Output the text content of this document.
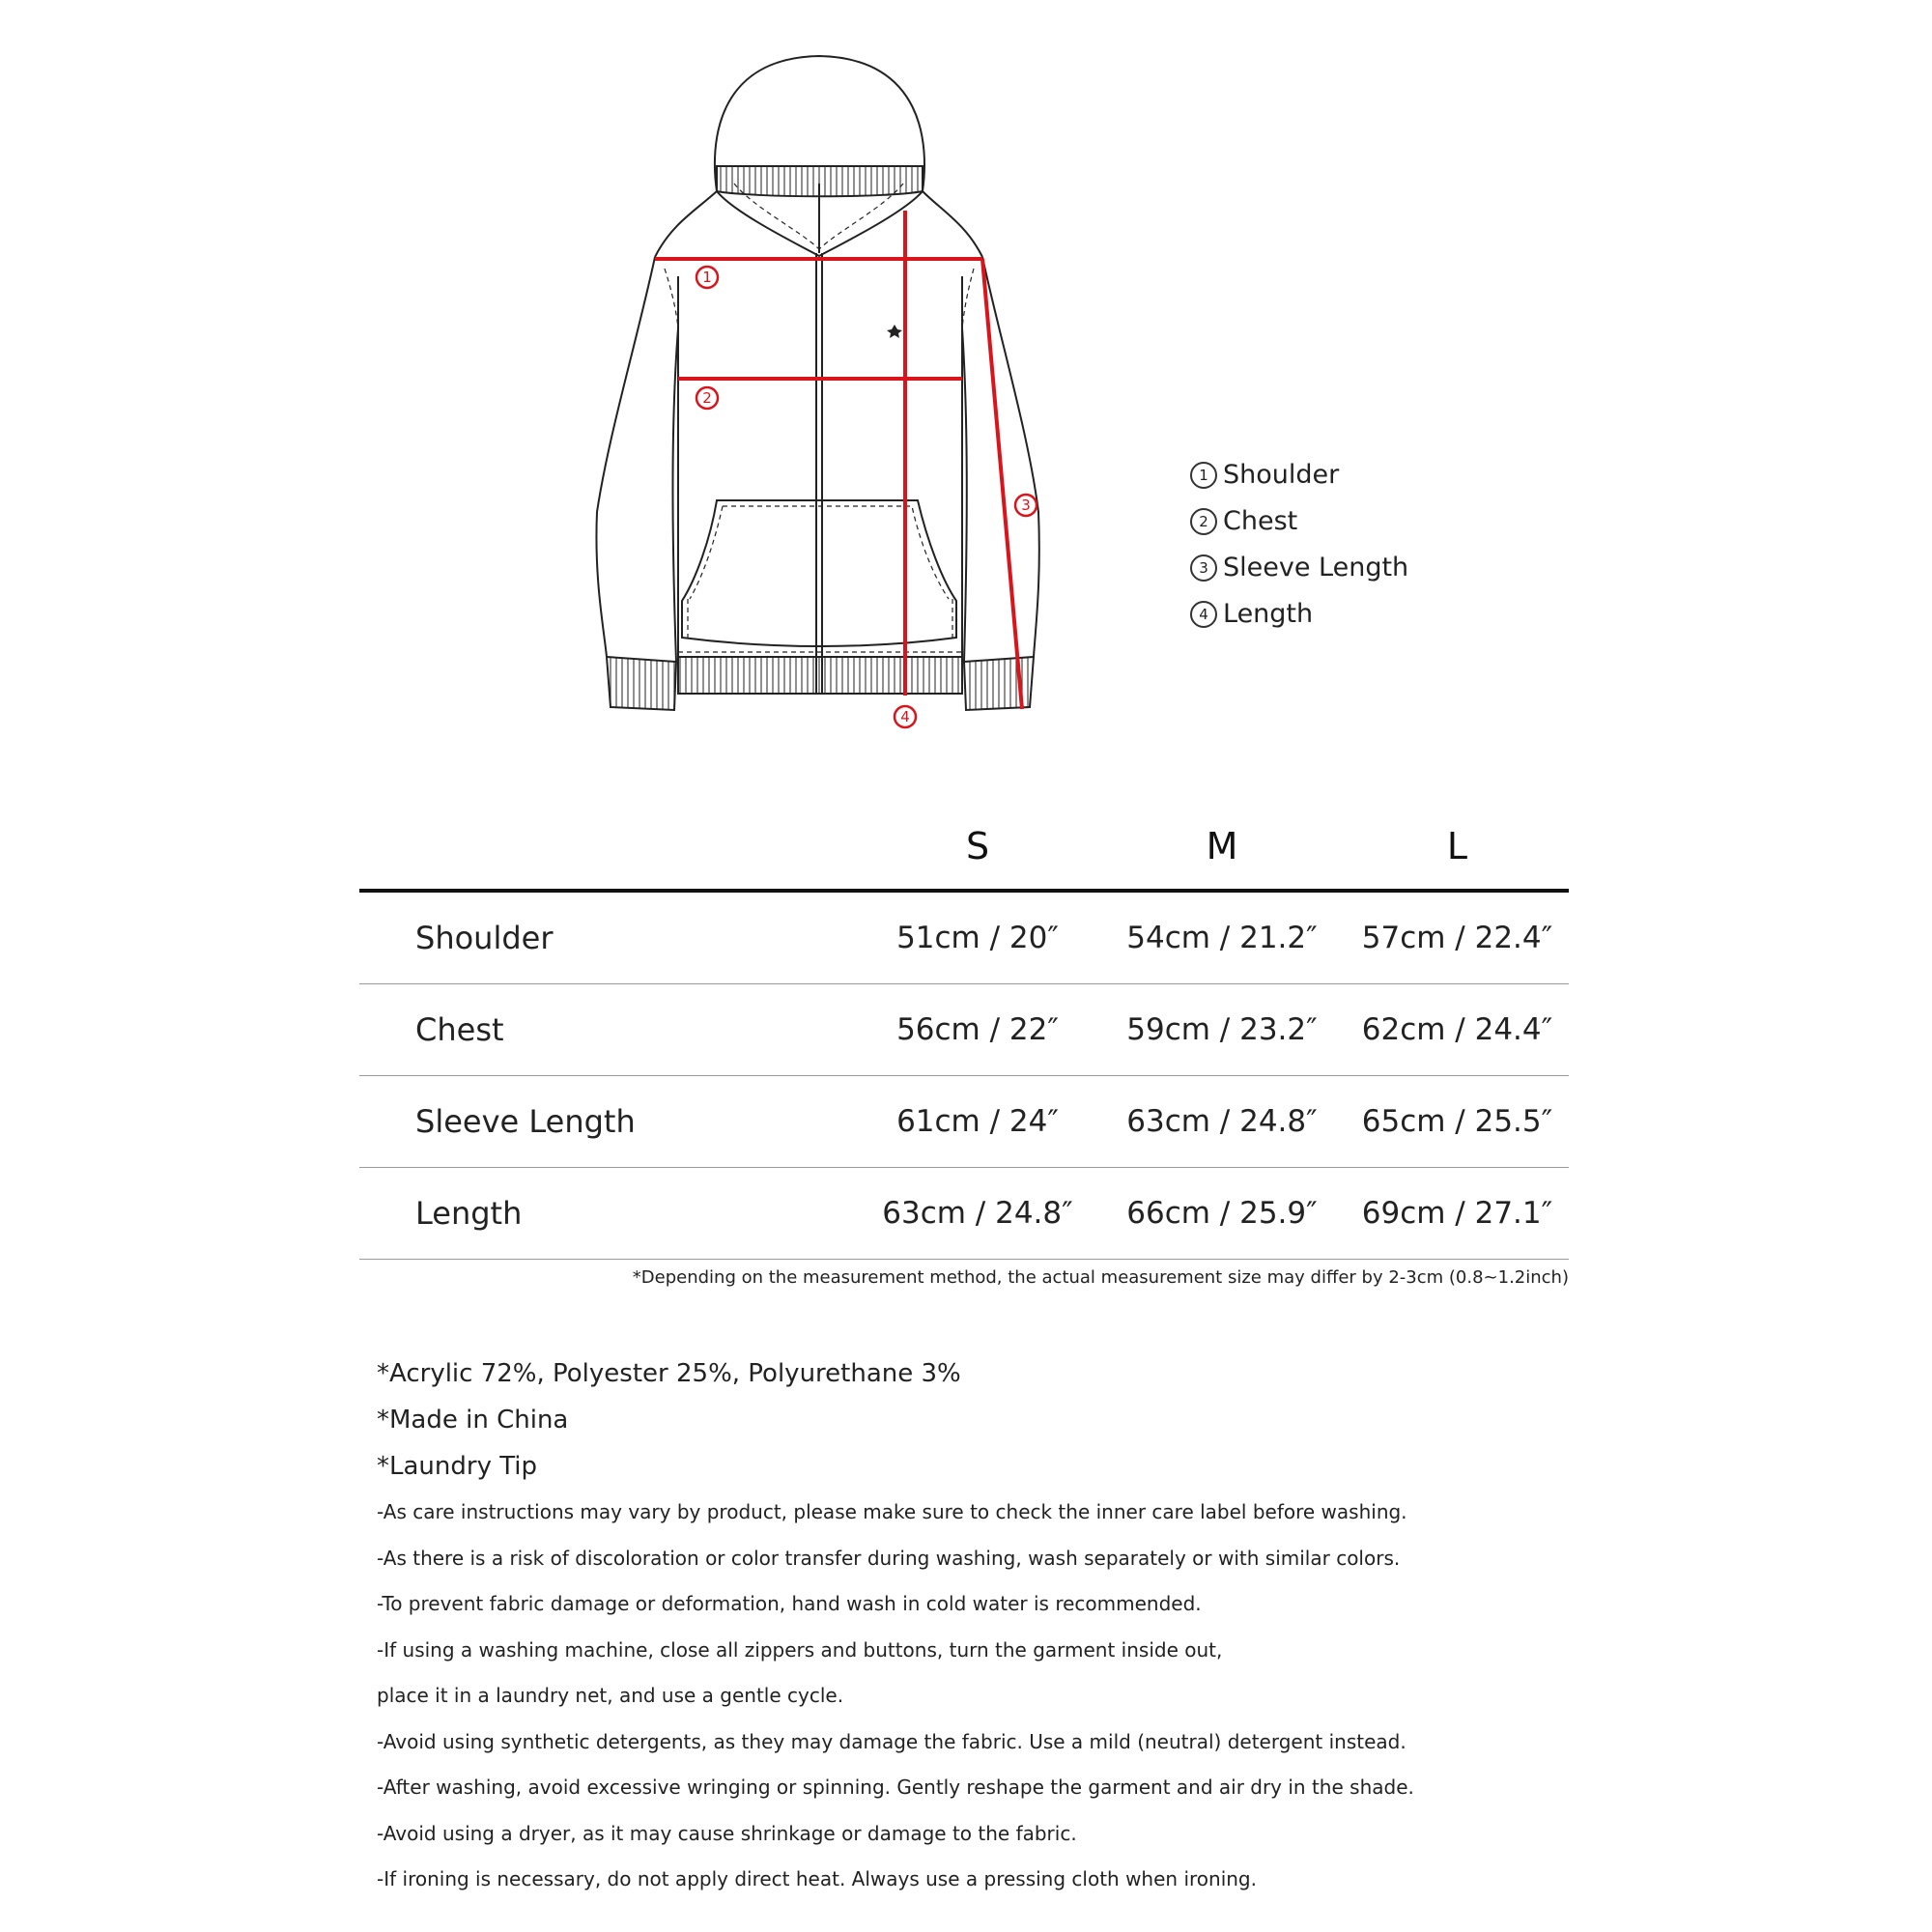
1
2
3
4
1 Shoulder
2 Chest
3 Sleeve Length
4 Length
	S	M	L
Shoulder	51cm / 20″	54cm / 21.2″	57cm / 22.4″
Chest	56cm / 22″	59cm / 23.2″	62cm / 24.4″
Sleeve Length	61cm / 24″	63cm / 24.8″	65cm / 25.5″
Length	63cm / 24.8″	66cm / 25.9″	69cm / 27.1″
*Depending on the measurement method, the actual measurement size may differ by 2-3cm (0.8~1.2inch)
*Acrylic 72%, Polyester 25%, Polyurethane 3%
*Made in China
*Laundry Tip
-As care instructions may vary by product, please make sure to check the inner care label before washing.
-As there is a risk of discoloration or color transfer during washing, wash separately or with similar colors.
-To prevent fabric damage or deformation, hand wash in cold water is recommended.
-If using a washing machine, close all zippers and buttons, turn the garment inside out,
place it in a laundry net, and use a gentle cycle.
-Avoid using synthetic detergents, as they may damage the fabric. Use a mild (neutral) detergent instead.
-After washing, avoid excessive wringing or spinning. Gently reshape the garment and air dry in the shade.
-Avoid using a dryer, as it may cause shrinkage or damage to the fabric.
-If ironing is necessary, do not apply direct heat. Always use a pressing cloth when ironing.
